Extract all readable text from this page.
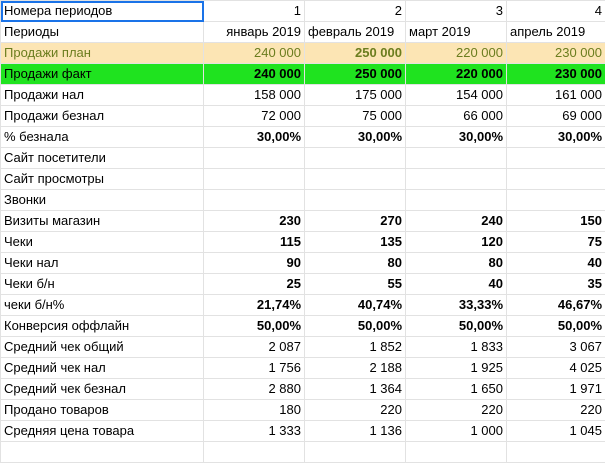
Номера периодов	1	2	3	4
Периоды	январь 2019	февраль 2019	март 2019	апрель 2019
Продажи план	240 000	250 000	220 000	230 000
Продажи факт	240 000	250 000	220 000	230 000
Продажи нал	158 000	175 000	154 000	161 000
Продажи безнал	72 000	75 000	66 000	69 000
% безнала	30,00%	30,00%	30,00%	30,00%
Сайт посетители				
Сайт просмотры				
Звонки				
Визиты магазин	230	270	240	150
Чеки	115	135	120	75
Чеки нал	90	80	80	40
Чеки б/н	25	55	40	35
чеки б/н%	21,74%	40,74%	33,33%	46,67%
Конверсия оффлайн	50,00%	50,00%	50,00%	50,00%
Средний чек общий	2 087	1 852	1 833	3 067
Средний чек нал	1 756	2 188	1 925	4 025
Средний чек безнал	2 880	1 364	1 650	1 971
Продано товаров	180	220	220	220
Средняя цена товара	1 333	1 136	1 000	1 045
